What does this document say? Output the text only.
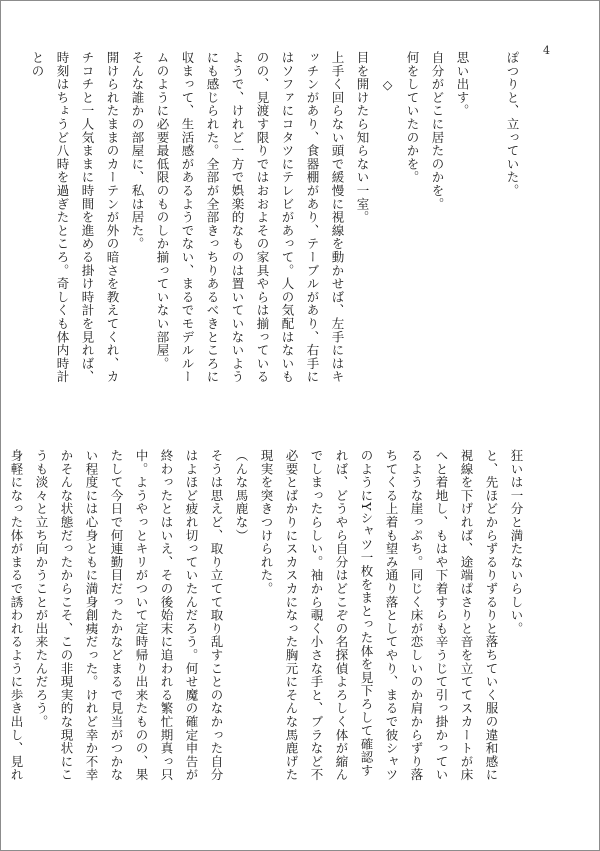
4

ぽつりと、立っていた。

思い出す。

自分がどこに居たのかを。

何をしていたのかを。

◇

目を開けたら知らない一室。

上手く回らない頭で緩慢に視線を動かせば、左手にはキッチンがあり、食器棚があり、テーブルがあり、右手にはソファにコタツにテレビがあって。人の気配はないものの、見渡す限りではおおよその家具やらは揃っているようで、けれど一方で娯楽的なものは置いていないようにも感じられた。全部が全部きっちりあるべきところに収まって、生活感があるようでない、まるでモデルルームのように必要最低限のものしか揃っていない部屋。

そんな誰かの部屋に、私は居た。

開けられたままのカーテンが外の暗さを教えてくれ、カチコチと一人気ままに時間を進める掛け時計を見れば、時刻はちょうど八時を過ぎたところ。奇しくも体内時計との

狂いは一分と満たないらしい。

と、先ほどからずるりずるりと落ちていく服の違和感に視線を下げれば、途端ぱさりと音を立ててスカートが床へと着地し、もはや下着すらも辛うじて引っ掛かっているような崖っぷち。同じく床が恋しいのか肩からずり落ちてくる上着も望み通り落としてやり、まるで彼シャツのようにYシャツ一枚をまとった体を見下ろして確認すれば、どうやら自分はどこぞの名探偵よろしく体が縮んでしまったらしい。袖から覗く小さな手と、ブラなど不必要とばかりにスカスカになった胸元にそんな馬鹿げた現実を突きつけられた。

（んな馬鹿な）

そうは思えど、取り立てて取り乱すことのなかった自分はよほど疲れ切っていたんだろう。何せ魔の確定申告が終わったとはいえ、その後始末に追われる繁忙期真っ只中。ようやっとキリがついて定時帰り出来たものの、果たして今日で何連勤目だったかなどまるで見当がつかない程度には心身ともに満身創痍だった。けれど幸か不幸かそんな状態だったからこそ、この非現実的な現状にこうも淡々と立ち向かうことが出来たんだろう。

身軽になった体がまるで誘われるように歩き出し、見れ
